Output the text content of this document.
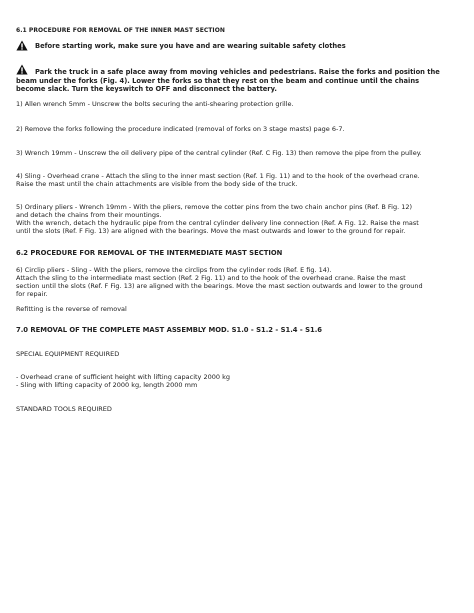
6.1 PROCEDURE FOR REMOVAL OF THE INNER MAST SECTION
Before starting work, make sure you have and are wearing suitable safety clothes
Park the truck in a safe place away from moving vehicles and pedestrians. Raise the forks and position the
beam under the forks (Fig. 4). Lower the forks so that they rest on the beam and continue until the chains
become slack. Turn the keyswitch to OFF and disconnect the battery.
1) Allen wrench 5mm - Unscrew the bolts securing the anti-shearing protection grille.
2) Remove the forks following the procedure indicated (removal of forks on 3 stage masts) page 6-7.
3) Wrench 19mm - Unscrew the oil delivery pipe of the central cylinder (Ref. C Fig. 13) then remove the pipe from the pulley.
4) Sling - Overhead crane - Attach the sling to the inner mast section (Ref. 1 Fig. 11) and to the hook of the overhead crane.
Raise the mast until the chain attachments are visible from the body side of the truck.
5) Ordinary pliers - Wrench 19mm - With the pliers, remove the cotter pins from the two chain anchor pins (Ref. B Fig. 12)
and detach the chains from their mountings.
With the wrench, detach the hydraulic pipe from the central cylinder delivery line connection (Ref. A Fig. 12. Raise the mast
until the slots (Ref. F Fig. 13) are aligned with the bearings. Move the mast outwards and lower to the ground for repair.
6.2 PROCEDURE FOR REMOVAL OF THE INTERMEDIATE MAST SECTION
6) Circlip pliers - Sling - With the pliers, remove the circlips from the cylinder rods (Ref. E fig. 14).
Attach the sling to the intermediate mast section (Ref. 2 Fig. 11) and to the hook of the overhead crane. Raise the mast
section until the slots (Ref. F Fig. 13) are aligned with the bearings. Move the mast section outwards and lower to the ground
for repair.
Refitting is the reverse of removal
7.0 REMOVAL OF THE COMPLETE MAST ASSEMBLY MOD. S1.0 - S1.2 - S1.4 - S1.6
SPECIAL EQUIPMENT REQUIRED
- Overhead crane of sufficient height with lifting capacity 2000 kg
- Sling with lifting capacity of 2000 kg, length 2000 mm
STANDARD TOOLS REQUIRED
